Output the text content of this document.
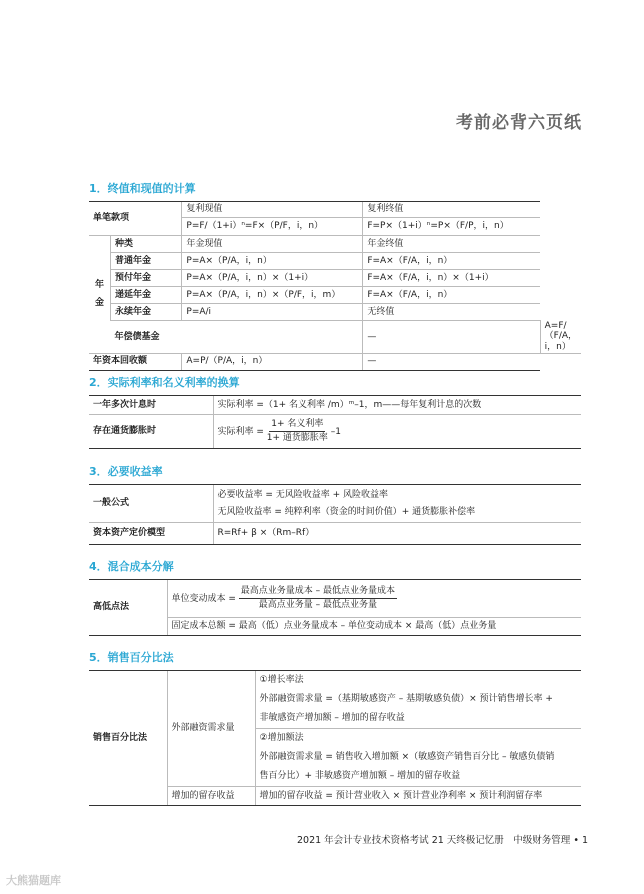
考前必背六页纸
1．终值和现值的计算
单笔款项		复利现值	复利终值	
		P=F/（1+i）ⁿ=F×（P/F，i，n）	F=P×（1+i）ⁿ=P×（F/P，i，n）	
年金	种类	年金现值	年金终值	
	普通年金	P=A×（P/A，i，n）	F=A×（F/A，i，n）	
	预付年金	P=A×（P/A，i，n）×（1+i）	F=A×（F/A，i，n）×（1+i）	
	递延年金	P=A×（P/A，i，n）×（P/F，i，m）	F=A×（F/A，i，n）	
	永续年金	P=A/i	无终值	
	年偿债基金		—	A=F/（F/A，i，n）
年资本回收额		A=P/（P/A，i，n）	—	
2．实际利率和名义利率的换算
一年多次计息时	实际利率 =（1+ 名义利率 /m）ᵐ–1，m——每年复利计息的次数
存在通货膨胀时	实际利率 = $\frac{\text{1+ 名义利率}}{\text{1+ 通货膨胀率}} -1$
3．必要收益率
一般公式	必要收益率 = 无风险收益率 + 风险收益率
无风险收益率 = 纯粹利率（资金的时间价值）+ 通货膨胀补偿率

资本资产定价模型	R=Rf+ β ×（Rm–Rf）
4．混合成本分解
高低点法	单位变动成本 = $\frac{\text{最高点业务量成本 – 最低点业务量成本}}{\text{最高点业务量 – 最低点业务量}}$

固定成本总额 = 最高（低）点业务量成本 – 单位变动成本 × 最高（低）点业务量
5．销售百分比法
销售百分比法	外部融资需求量	①增长率法
外部融资需求量 =（基期敏感资产 – 基期敏感负债）× 预计销售增长率 +
非敏感资产增加额 – 增加的留存收益

		②增加额法
外部融资需求量 = 销售收入增加额 ×（敏感资产销售百分比 – 敏感负债销
售百分比）+ 非敏感资产增加额 – 增加的留存收益

	增加的留存收益	增加的留存收益 = 预计营业收入 × 预计营业净利率 × 预计利润留存率
2021 年会计专业技术资格考试 21 天终极记忆册　中级财务管理 • 1
大熊猫题库
